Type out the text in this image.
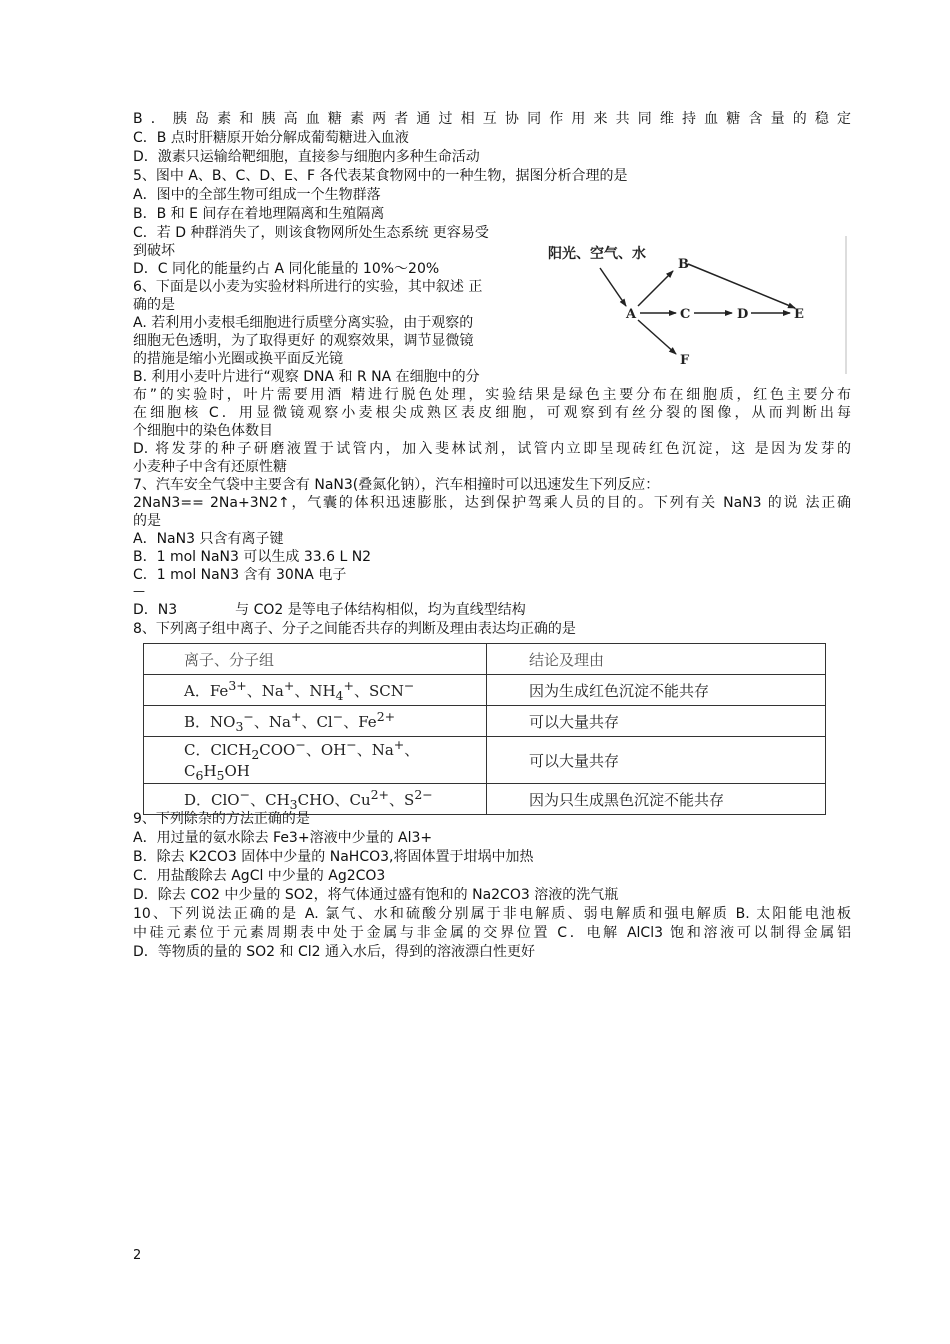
B．胰岛素和胰高血糖素两者通过相互协同作用来共同维持血糖含量的稳定
C．B 点时肝糖原开始分解成葡萄糖进入血液
D．激素只运输给靶细胞，直接参与细胞内多种生命活动
5、图中 A、B、C、D、E、F 各代表某食物网中的一种生物，据图分析合理的是
A．图中的全部生物可组成一个生物群落
B．B 和 E 间存在着地理隔离和生殖隔离
C．若 D 种群消失了，则该食物网所处生态系统 更容易受
到破坏
D．C 同化的能量约占 A 同化能量的 10%～20%
6、下面是以小麦为实验材料所进行的实验，其中叙述 正
确的是
A. 若利用小麦根毛细胞进行质壁分离实验，由于观察的
细胞无色透明，为了取得更好 的观察效果，调节显微镜
的措施是缩小光圈或换平面反光镜
B. 利用小麦叶片进行“观察 DNA 和 R NA 在细胞中的分
布”的实验时，叶片需要用酒 精进行脱色处理，实验结果是绿色主要分布在细胞质，红色主要分布
在细胞核 C．用显微镜观察小麦根尖成熟区表皮细胞，可观察到有丝分裂的图像，从而判断出每
个细胞中的染色体数目
D. 将发芽的种子研磨液置于试管内，加入斐林试剂，试管内立即呈现砖红色沉淀，这 是因为发芽的
小麦种子中含有还原性糖
7、汽车安全气袋中主要含有 NaN3(叠氮化钠），汽车相撞时可以迅速发生下列反应：
2NaN3== 2Na+3N2↑，气囊的体积迅速膨胀，达到保护驾乘人员的目的。下列有关 NaN3 的说 法正确
的是
A．NaN3 只含有离子键
B．1 mol NaN3 可以生成 33.6 L N2
C．1 mol NaN3 含有 30NA 电子
—
D．N3	与 CO2 是等电子体结构相似，均为直线型结构
8、下列离子组中离子、分子之间能否共存的判断及理由表达均正确的是
9、下列除杂的方法正确的是
A．用过量的氨水除去 Fe3+溶液中少量的 Al3+
B．除去 K2CO3 固体中少量的 NaHCO3,将固体置于坩埚中加热
C．用盐酸除去 AgCl 中少量的 Ag2CO3
D．除去 CO2 中少量的 SO2，将气体通过盛有饱和的 Na2CO3 溶液的洗气瓶
10、下列说法正确的是 A. 氯气、水和硫酸分别属于非电解质、弱电解质和强电解质 B. 太阳能电池板
中硅元素位于元素周期表中处于金属与非金属的交界位置 C．电解 AlCl3 饱和溶液可以制得金属铝
D．等物质的量的 SO2 和 Cl2 通入水后，得到的溶液漂白性更好
阳光、空气、水
B
A	C	D	E
F
离子、分子组	结论及理由
A．$Fe^{3+}$、Na+、$NH_4^+$、SCN−	因为生成红色沉淀不能共存
B．$NO_3^-$、Na+、Cl−、$Fe^{2+}$	可以大量共存
C．ClCH$_2$COO−、OH−、Na+、 $C_6H_5OH$	可以大量共存
D．ClO−、$CH_3CHO$、$Cu^{2+}$、$S^{2-}$	因为只生成黑色沉淀不能共存
2
